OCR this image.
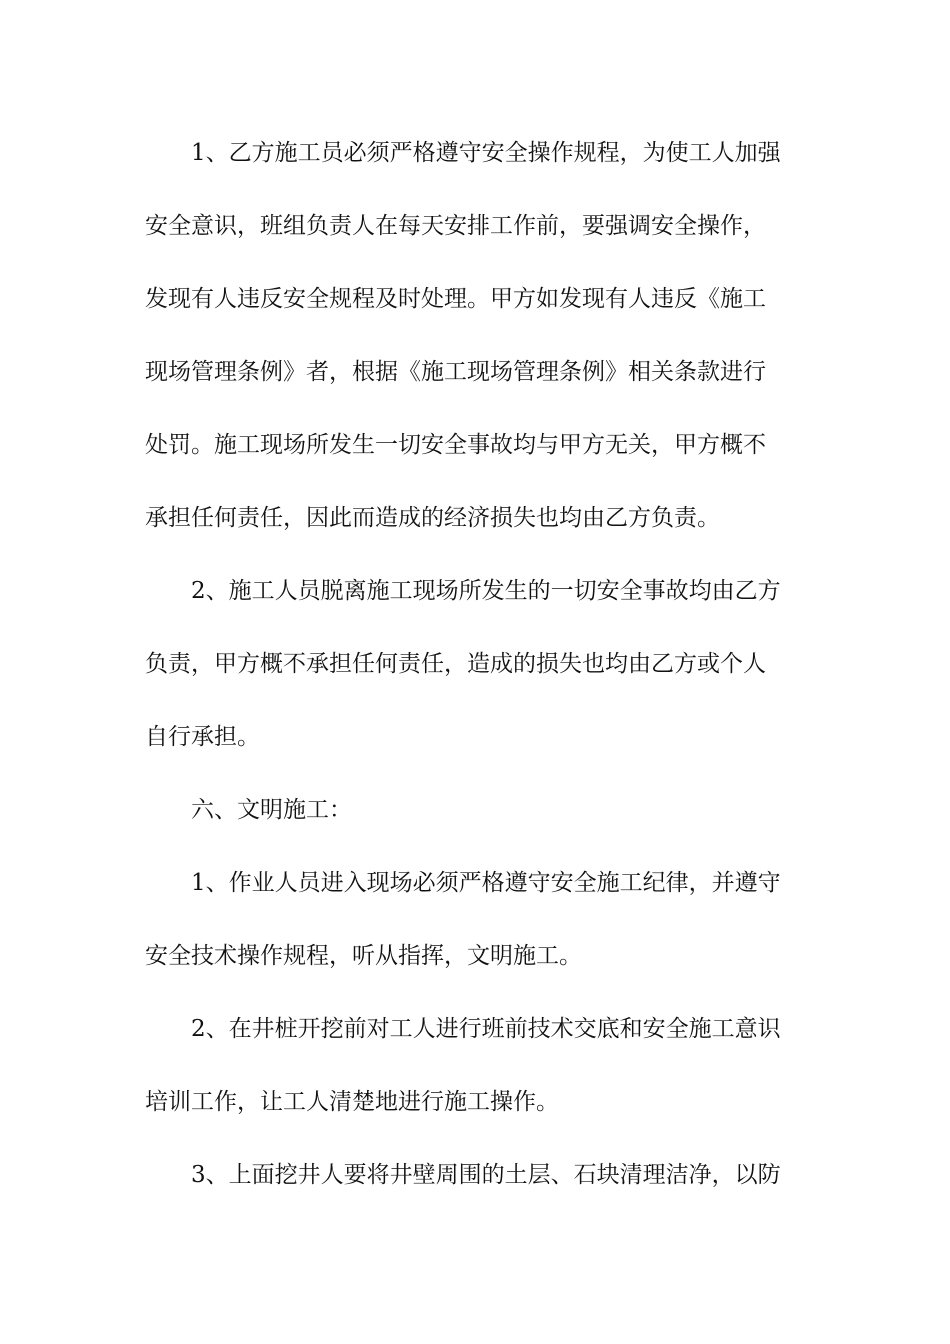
1、乙方施工员必须严格遵守安全操作规程，为使工人加强
安全意识，班组负责人在每天安排工作前，要强调安全操作，
发现有人违反安全规程及时处理。甲方如发现有人违反《施工
现场管理条例》者，根据《施工现场管理条例》相关条款进行
处罚。施工现场所发生一切安全事故均与甲方无关，甲方概不
承担任何责任，因此而造成的经济损失也均由乙方负责。
2、施工人员脱离施工现场所发生的一切安全事故均由乙方
负责，甲方概不承担任何责任，造成的损失也均由乙方或个人
自行承担。
六、文明施工：
1、作业人员进入现场必须严格遵守安全施工纪律，并遵守
安全技术操作规程，听从指挥，文明施工。
2、在井桩开挖前对工人进行班前技术交底和安全施工意识
培训工作，让工人清楚地进行施工操作。
3、上面挖井人要将井壁周围的土层、石块清理洁净，以防
